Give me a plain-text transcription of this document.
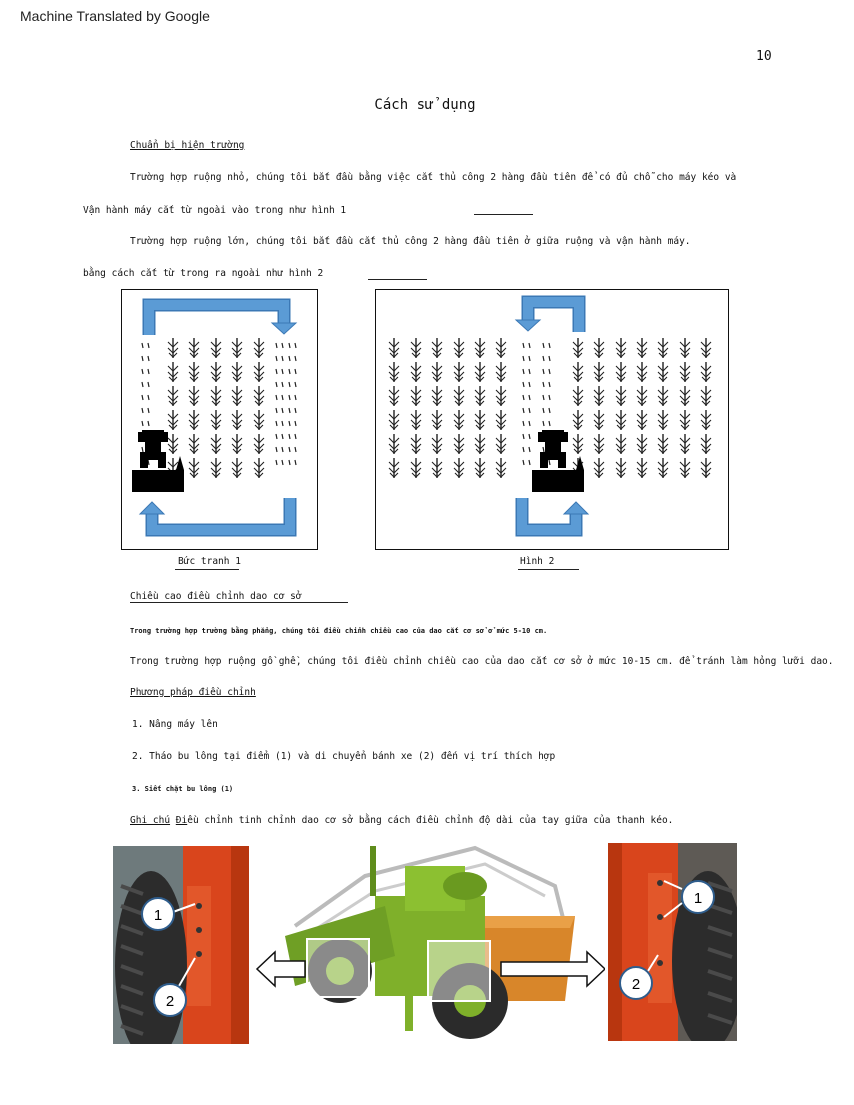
Machine Translated by Google
10
Cách sử dụng
Chuẩn bị hiện trường
Trường hợp ruộng nhỏ, chúng tôi bắt đầu bằng việc cắt thủ công 2 hàng đầu tiên để có đủ chỗ cho máy kéo và
Vận hành máy cắt từ ngoài vào trong như hình 1
Trường hợp ruộng lớn, chúng tôi bắt đầu cắt thủ công 2 hàng đầu tiên ở giữa ruộng và vận hành máy.
bằng cách cắt từ trong ra ngoài như hình 2
Bức tranh 1	Hình 2
Chiều cao điều chỉnh dao cơ sở
Trong trường hợp trường bằng phẳng, chúng tôi điều chỉnh chiều cao của dao cắt cơ sở ở mức 5-10 cm.
Trong trường hợp ruộng gồ ghề, chúng tôi điều chỉnh chiều cao của dao cắt cơ sở ở mức 10-15 cm. để tránh làm hỏng lưỡi dao.
Phương pháp điều chỉnh
1. Nâng máy lên
2. Tháo bu lông tại điểm (1) và di chuyển bánh xe (2) đến vị trí thích hợp
3. Siết chặt bu lông (1)
Ghi chú Điều chỉnh tinh chỉnh dao cơ sở bằng cách điều chỉnh độ dài của tay giữa của thanh kéo.
1
2
1
2
